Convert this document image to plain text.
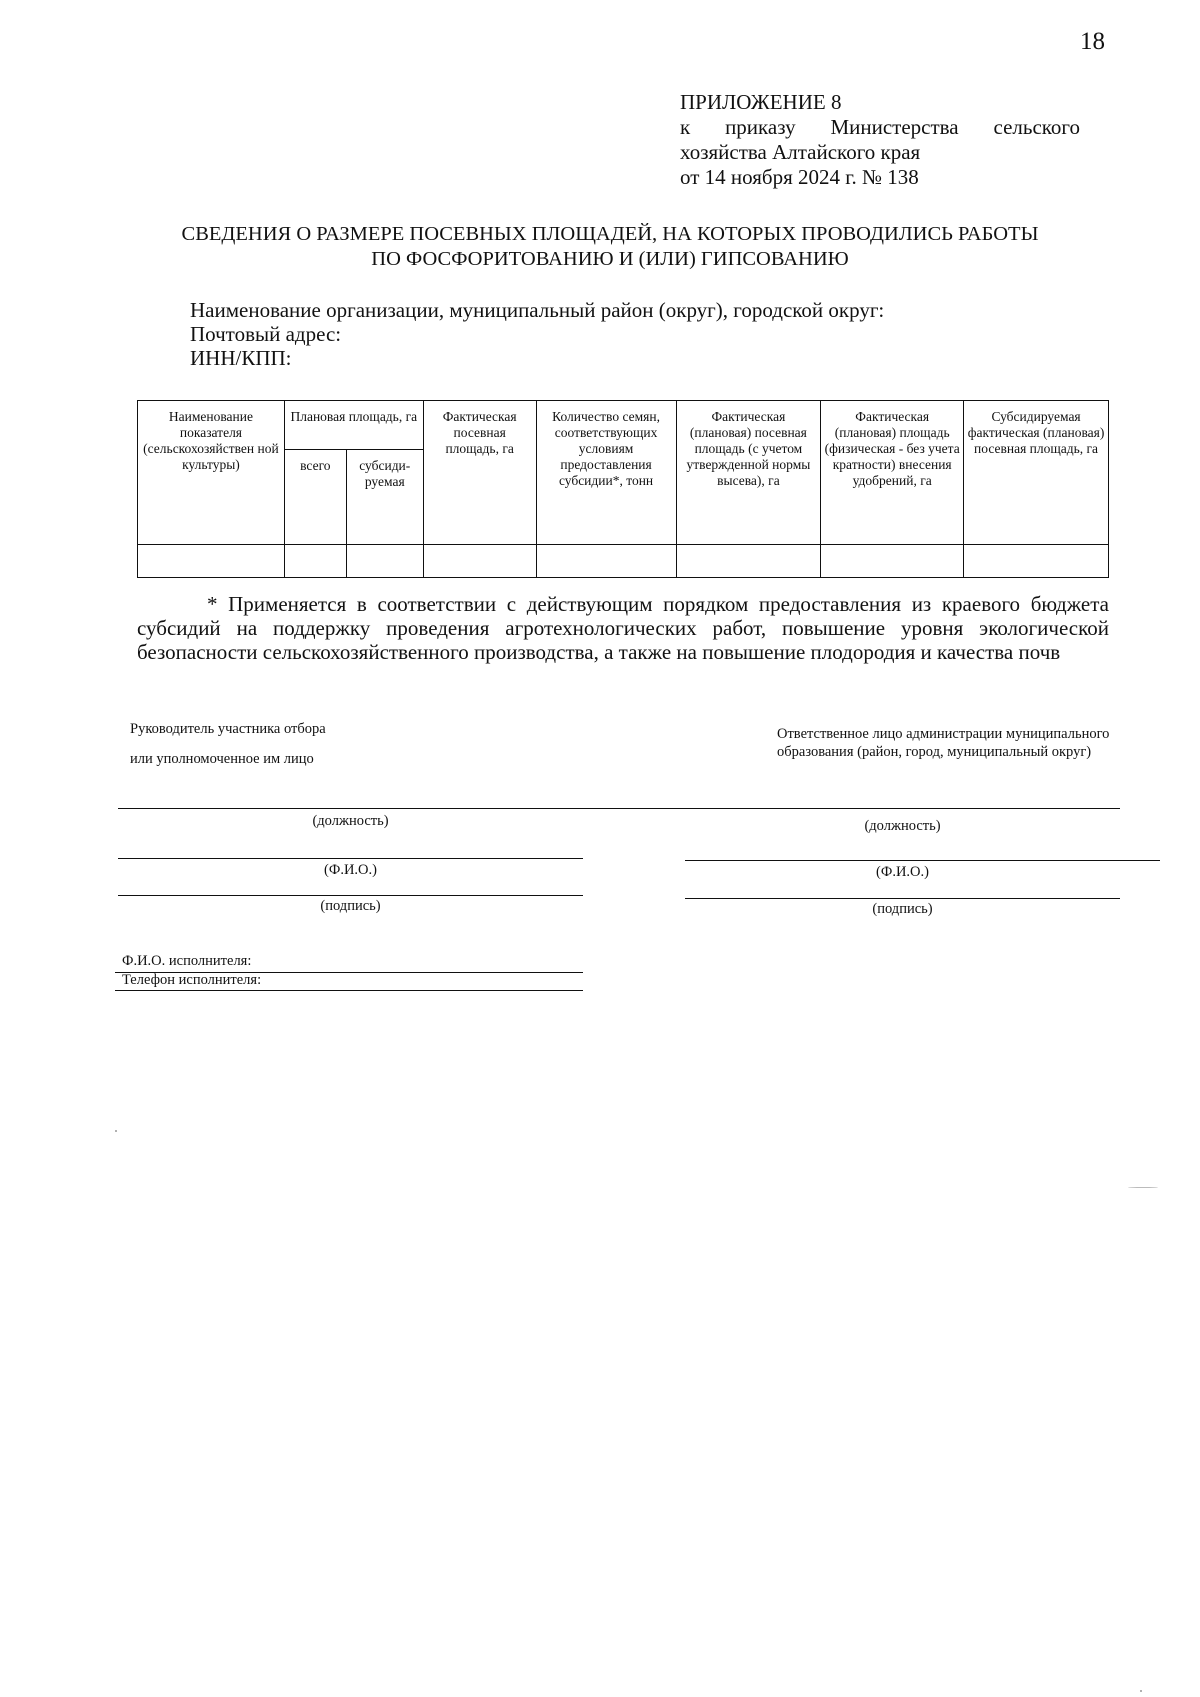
18
ПРИЛОЖЕНИЕ 8
к приказу Министерства сельского
хозяйства Алтайского края
от 14 ноября 2024 г. № 138
СВЕДЕНИЯ О РАЗМЕРЕ ПОСЕВНЫХ ПЛОЩАДЕЙ, НА КОТОРЫХ ПРОВОДИЛИСЬ РАБОТЫ
ПО ФОСФОРИТОВАНИЮ И (ИЛИ) ГИПСОВАНИЮ
Наименование организации, муниципальный район (округ), городской округ:
Почтовый адрес:
ИНН/КПП:
Наименование показателя (сельскохозяйствен ной культуры)	Плановая площадь, га		Фактическая посевная площадь, га	Количество семян, соответствующих условиям предоставления субсидии*, тонн	Фактическая (плановая) посевная площадь (с учетом утвержденной нормы высева), га	Фактическая (плановая) площадь (физическая - без учета кратности) внесения удобрений, га	Субсидируемая фактическая (плановая) посевная площадь, га
	всего	субсиди-руемая					

* Применяется в соответствии с действующим порядком предоставления из краевого бюджета субсидий на поддержку проведения агротехнологических работ, повышение уровня экологической безопасности сельскохозяйственного производства, а также на повышение плодородия и качества почв
Руководитель участника отбора
или уполномоченное им лицо
Ответственное лицо администрации муниципального образования (район, город, муниципальный округ)
(должность)
(Ф.И.О.)
(подпись)
(должность)
(Ф.И.О.)
(подпись)
Ф.И.О. исполнителя:
Телефон исполнителя:
